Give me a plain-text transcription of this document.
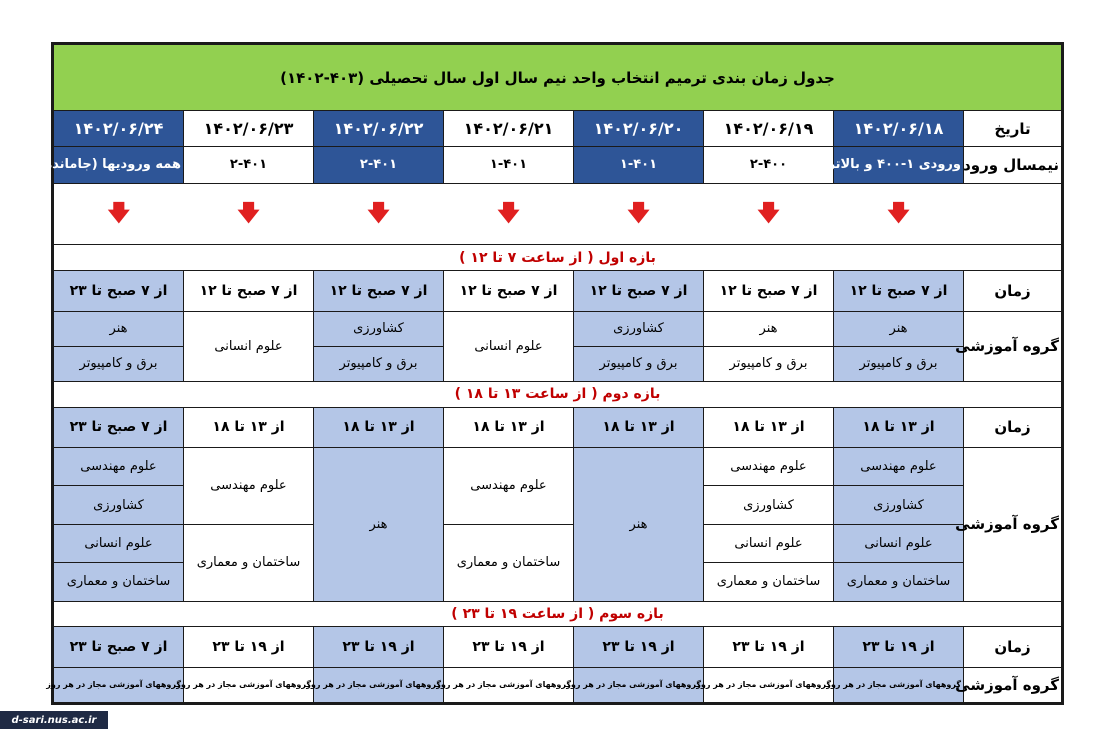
جدول زمان بندی ترمیم انتخاب واحد نیم سال اول سال تحصیلی (۴۰۳-۱۴۰۲)							
تاریخ	۱۴۰۲/۰۶/۱۸	۱۴۰۲/۰۶/۱۹	۱۴۰۲/۰۶/۲۰	۱۴۰۲/۰۶/۲۱	۱۴۰۲/۰۶/۲۲	۱۴۰۲/۰۶/۲۳	۱۴۰۲/۰۶/۲۴
نیمسال ورود	ورودی ۱-۴۰۰ و بالاتر	۲-۴۰۰	۱-۴۰۱	۱-۴۰۱	۲-۴۰۱	۲-۴۰۱	همه ورودیها (جامانده)
	🡇	🡇	🡇	🡇	🡇	🡇	🡇
بازه اول ( از ساعت ۷ تا ۱۲ )							
زمان	از ۷ صبح تا ۱۲	از ۷ صبح تا ۱۲	از ۷ صبح تا ۱۲	از ۷ صبح تا ۱۲	از ۷ صبح تا ۱۲	از ۷ صبح تا ۱۲	از ۷ صبح تا ۲۳
گروه آموزشی	هنر	هنر	کشاورزی	علوم انسانی	کشاورزی	علوم انسانی	هنر
	برق و کامپیوتر	برق و کامپیوتر	برق و کامپیوتر		برق و کامپیوتر		برق و کامپیوتر
بازه دوم ( از ساعت ۱۳ تا ۱۸ )							
زمان	از ۱۳ تا ۱۸	از ۱۳ تا ۱۸	از ۱۳ تا ۱۸	از ۱۳ تا ۱۸	از ۱۳ تا ۱۸	از ۱۳ تا ۱۸	از ۷ صبح تا ۲۳
گروه آموزشی	علوم مهندسی	علوم مهندسی	هنر	علوم مهندسی	هنر	علوم مهندسی	علوم مهندسی
	کشاورزی	کشاورزی					کشاورزی
	علوم انسانی	علوم انسانی		ساختمان و معماری		ساختمان و معماری	علوم انسانی
	ساختمان و معماری	ساختمان و معماری					ساختمان و معماری
بازه سوم ( از ساعت ۱۹ تا ۲۳ )							
زمان	از ۱۹ تا ۲۳	از ۱۹ تا ۲۳	از ۱۹ تا ۲۳	از ۱۹ تا ۲۳	از ۱۹ تا ۲۳	از ۱۹ تا ۲۳	از ۷ صبح تا ۲۳
گروه آموزشی	گروههای آموزشی مجاز در هر روز	گروههای آموزشی مجاز در هر روز	گروههای آموزشی مجاز در هر روز	گروههای آموزشی مجاز در هر روز	گروههای آموزشی مجاز در هر روز	گروههای آموزشی مجاز در هر روز	گروههای آموزشی مجاز در هر روز
d-sari.nus.ac.ir
